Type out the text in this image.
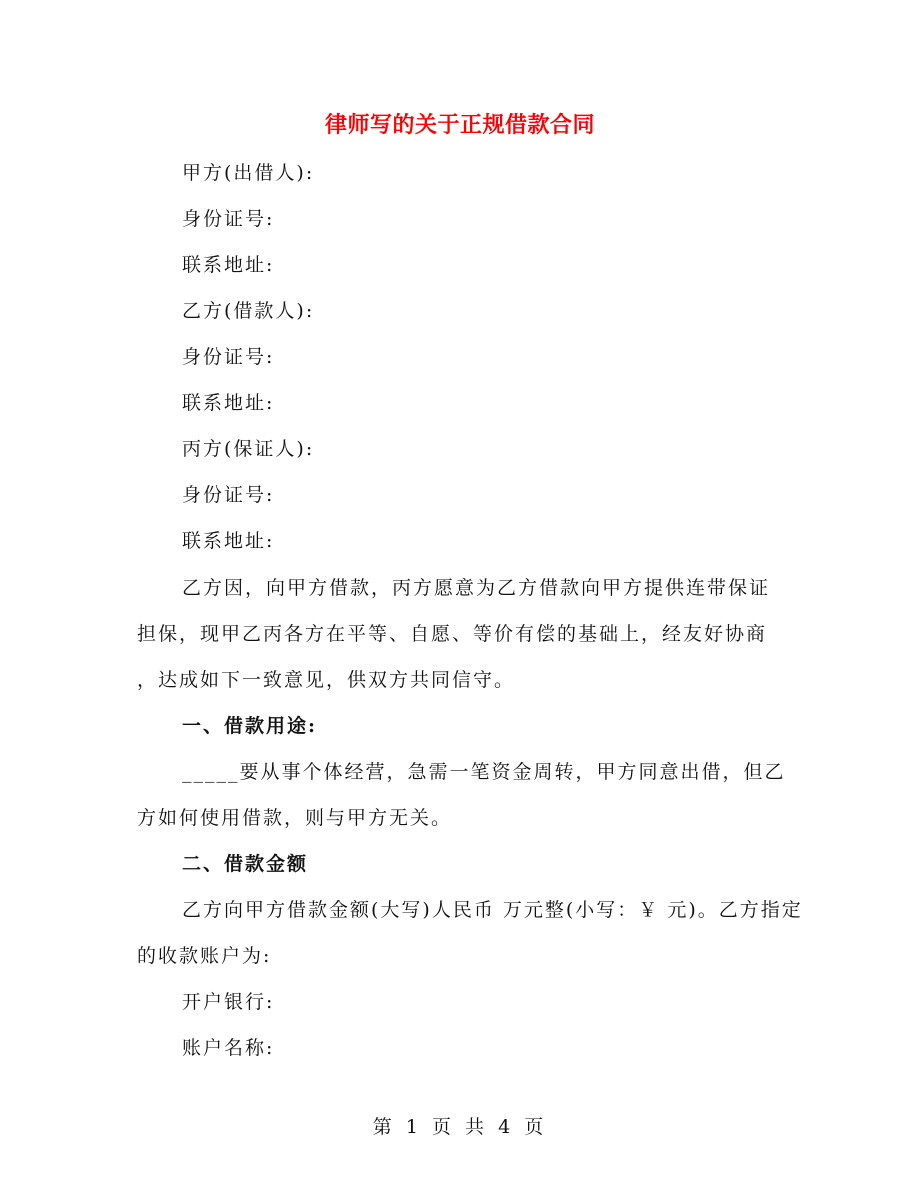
律师写的关于正规借款合同
甲方(出借人):
身份证号:
联系地址:
乙方(借款人):
身份证号:
联系地址:
丙方(保证人):
身份证号:
联系地址:
乙方因，向甲方借款，丙方愿意为乙方借款向甲方提供连带保证
担保，现甲乙丙各方在平等、自愿、等价有偿的基础上，经友好协商
，达成如下一致意见，供双方共同信守。
一、借款用途:
_____要从事个体经营，急需一笔资金周转，甲方同意出借，但乙
方如何使用借款，则与甲方无关。
二、借款金额
乙方向甲方借款金额(大写)人民币 万元整(小写：￥ 元)。乙方指定
的收款账户为:
开户银行:
账户名称:
第 1 页 共 4 页
